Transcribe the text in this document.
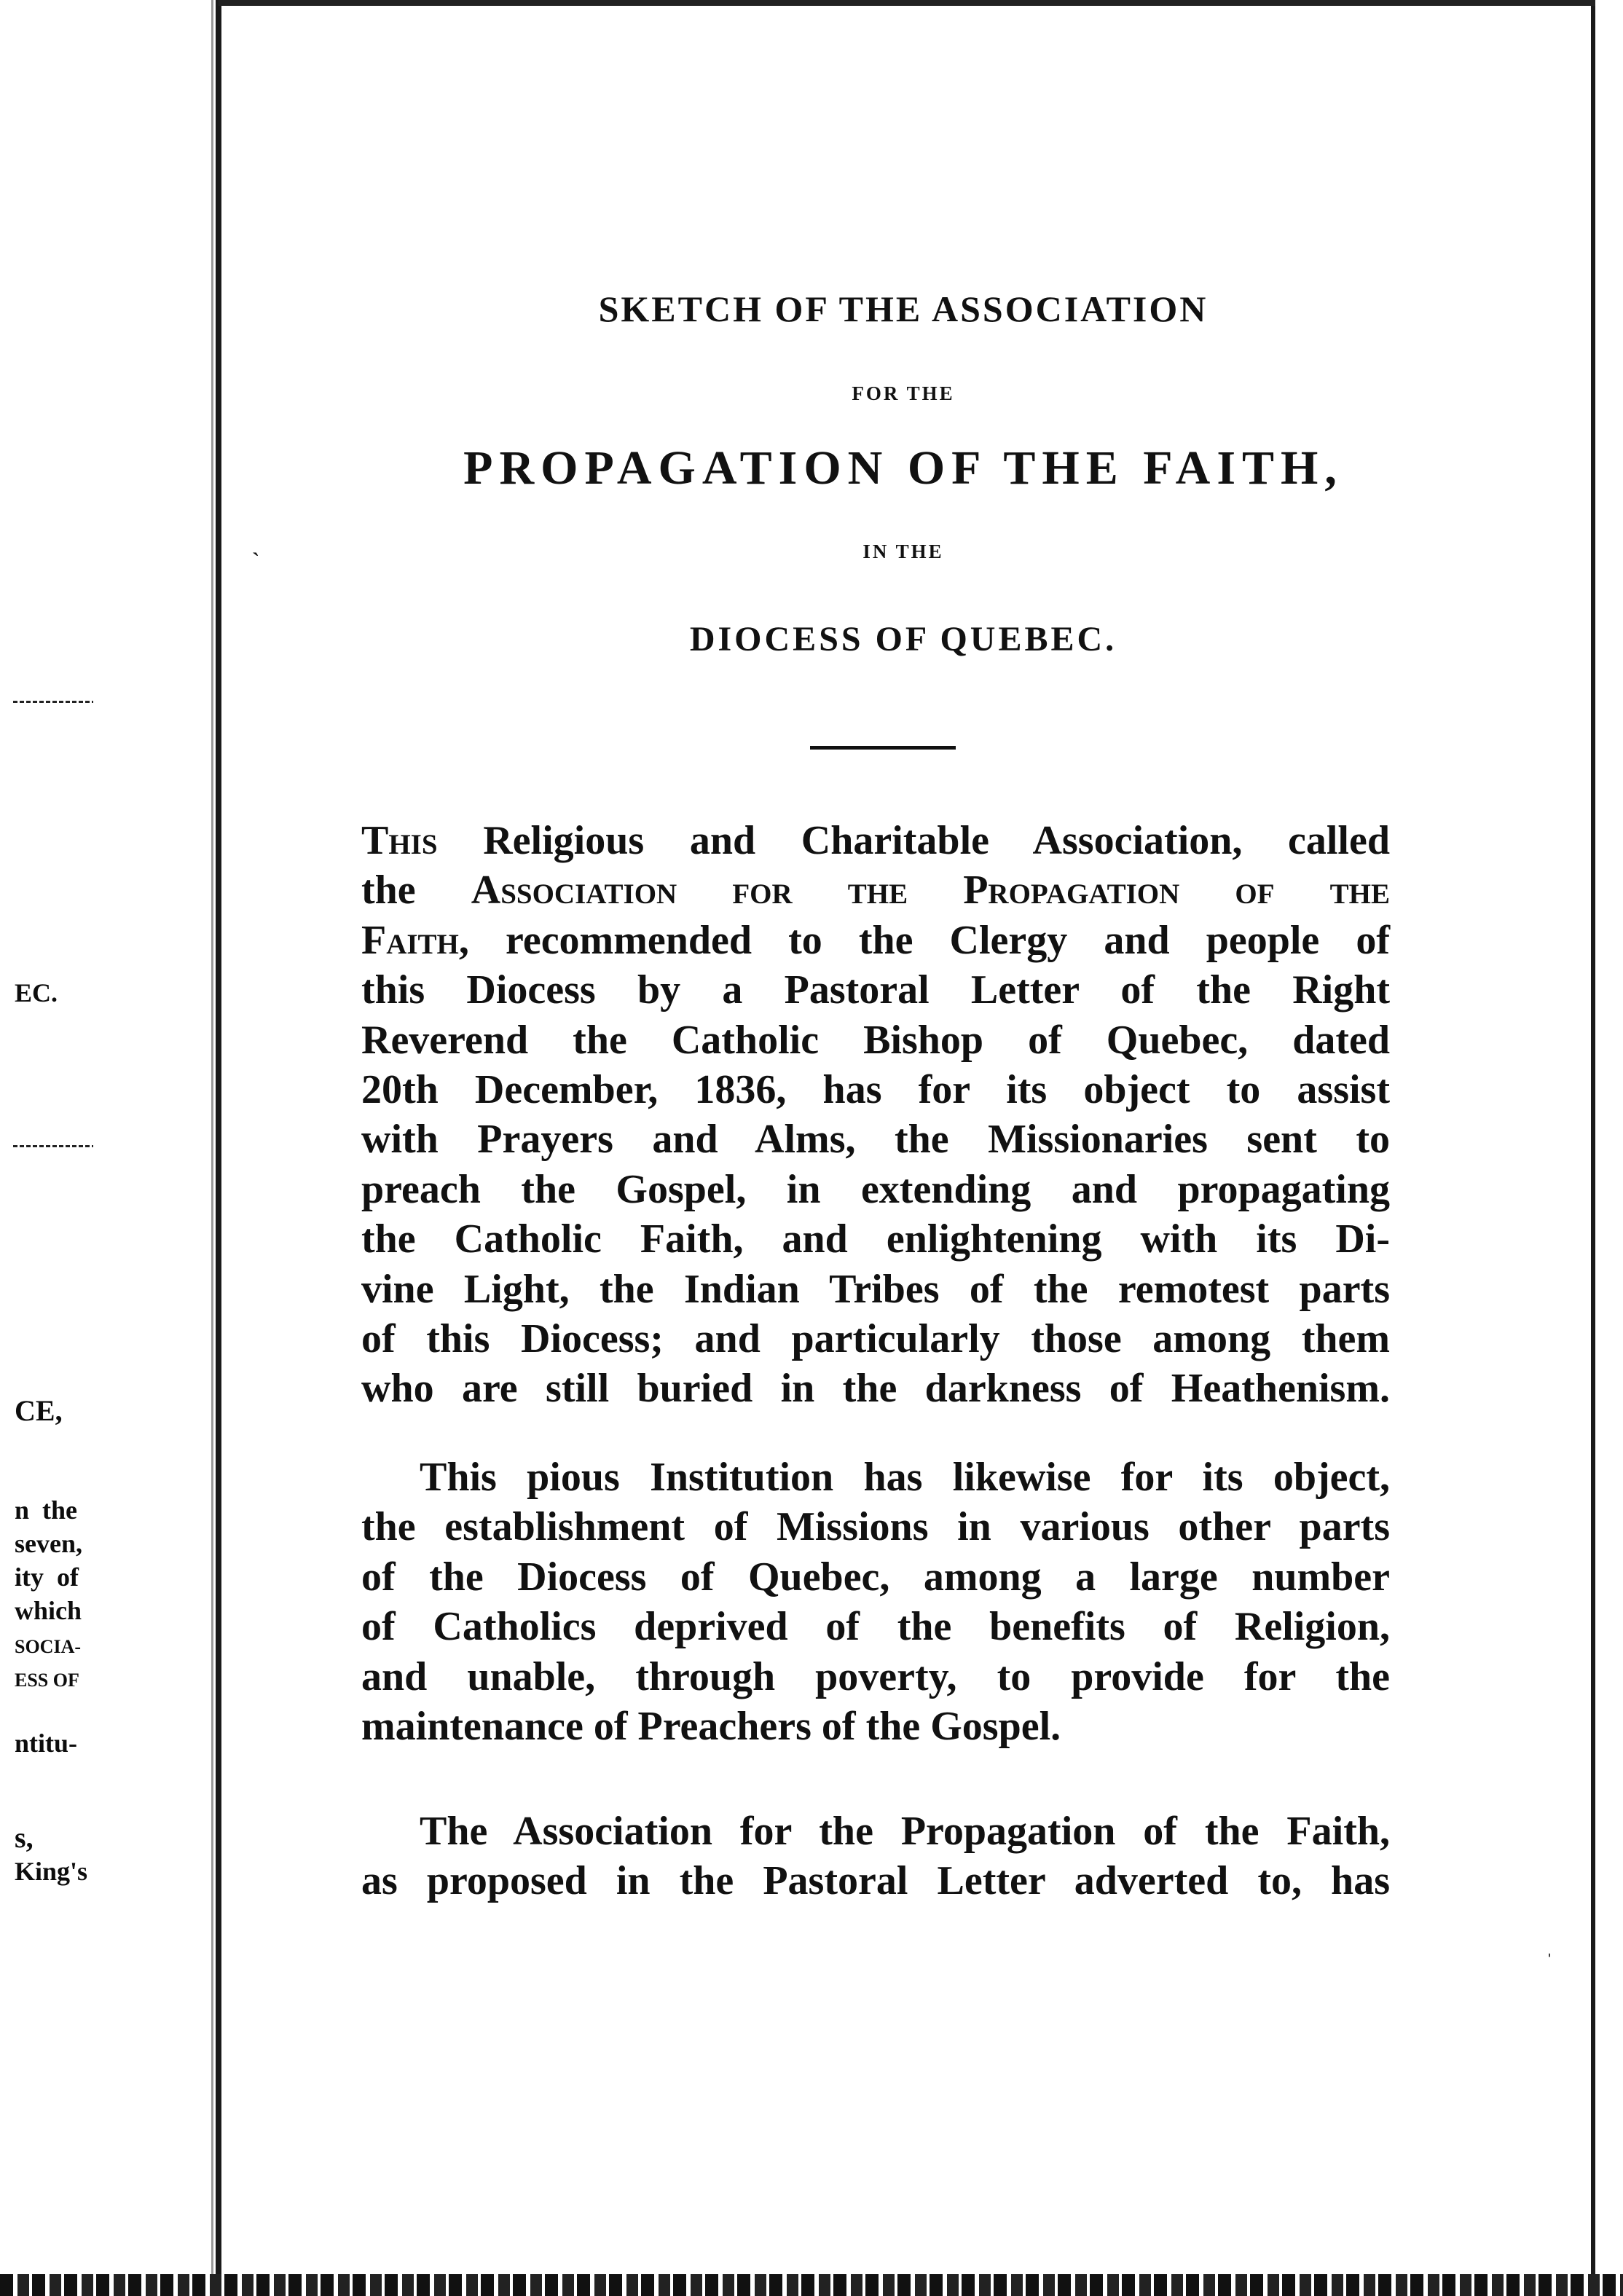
EC.
CE,
n  the
seven,
ity  of
which
SOCIA-
ESS OF
ntitu-
s,
King's
SKETCH OF THE ASSOCIATION
FOR THE
PROPAGATION OF THE FAITH,
IN THE
DIOCESS OF QUEBEC.
This Religious and Charitable Association, called
the Association for the Propagation of the
Faith, recommended to the Clergy and people of
this Diocess by a Pastoral Letter of the Right
Reverend the Catholic Bishop of Quebec, dated
20th December, 1836, has for its object to assist
with Prayers and Alms, the Missionaries sent to
preach the Gospel, in extending and propagating
the Catholic Faith, and enlightening with its Di-
vine Light, the Indian Tribes of the remotest parts
of this Diocess; and particularly those among them
who are still buried in the darkness of Heathenism.
This pious Institution has likewise for its object,
the establishment of Missions in various other parts
of the Diocess of Quebec, among a large number
of Catholics deprived of the benefits of Religion,
and unable, through poverty, to provide for the
maintenance of Preachers of the Gospel.
The Association for the Propagation of the Faith,
as proposed in the Pastoral Letter adverted to, has
˴
ˌ
